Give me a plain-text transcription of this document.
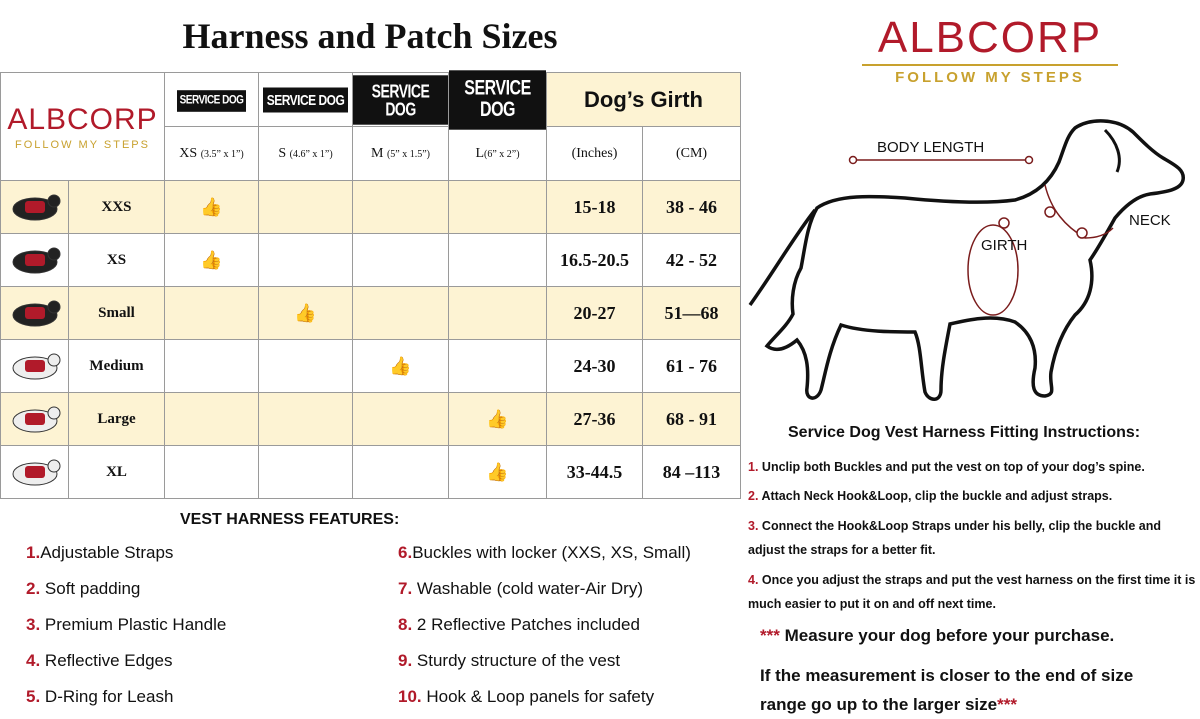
Harness and Patch Sizes
ALBCORP
FOLLOW MY STEPS		SERVICE DOG	SERVICE DOG	SERVICE DOG	SERVICE DOG	Dog’s Girth	
		XS (3.5” x 1”)	S (4.6” x 1”)	M (5” x 1.5”)	L(6” x 2”)	(Inches)	(CM)

	XXS	👍				15-18	38 - 46

	XS	👍				16.5-20.5	42 - 52

	Small		👍			20-27	51—68

	Medium			👍		24-30	61 - 76

	Large				👍	27-36	68 - 91

	XL				👍	33-44.5	84 –113
VEST HARNESS FEATURES:
1.Adjustable Straps
2. Soft padding
3. Premium Plastic Handle
4. Reflective Edges
5. D-Ring for Leash
6.Buckles with locker (XXS, XS, Small)
7. Washable (cold water-Air Dry)
8. 2 Reflective Patches included
9. Sturdy structure of the vest
10. Hook & Loop panels for safety
ALBCORP
FOLLOW MY STEPS
BODY LENGTH
NECK
GIRTH
Service Dog Vest Harness Fitting Instructions:
1. Unclip both Buckles and put the vest on top of your dog’s spine.
2. Attach Neck Hook&Loop, clip the buckle and adjust straps.
3. Connect the Hook&Loop Straps under his belly, clip the buckle and adjust the straps for a better fit.
4. Once you adjust the straps and put the vest harness on the first time it is much easier to put it on and off next time.
*** Measure your dog before your purchase.
If the measurement is closer to the end of size range go up to the larger size***
